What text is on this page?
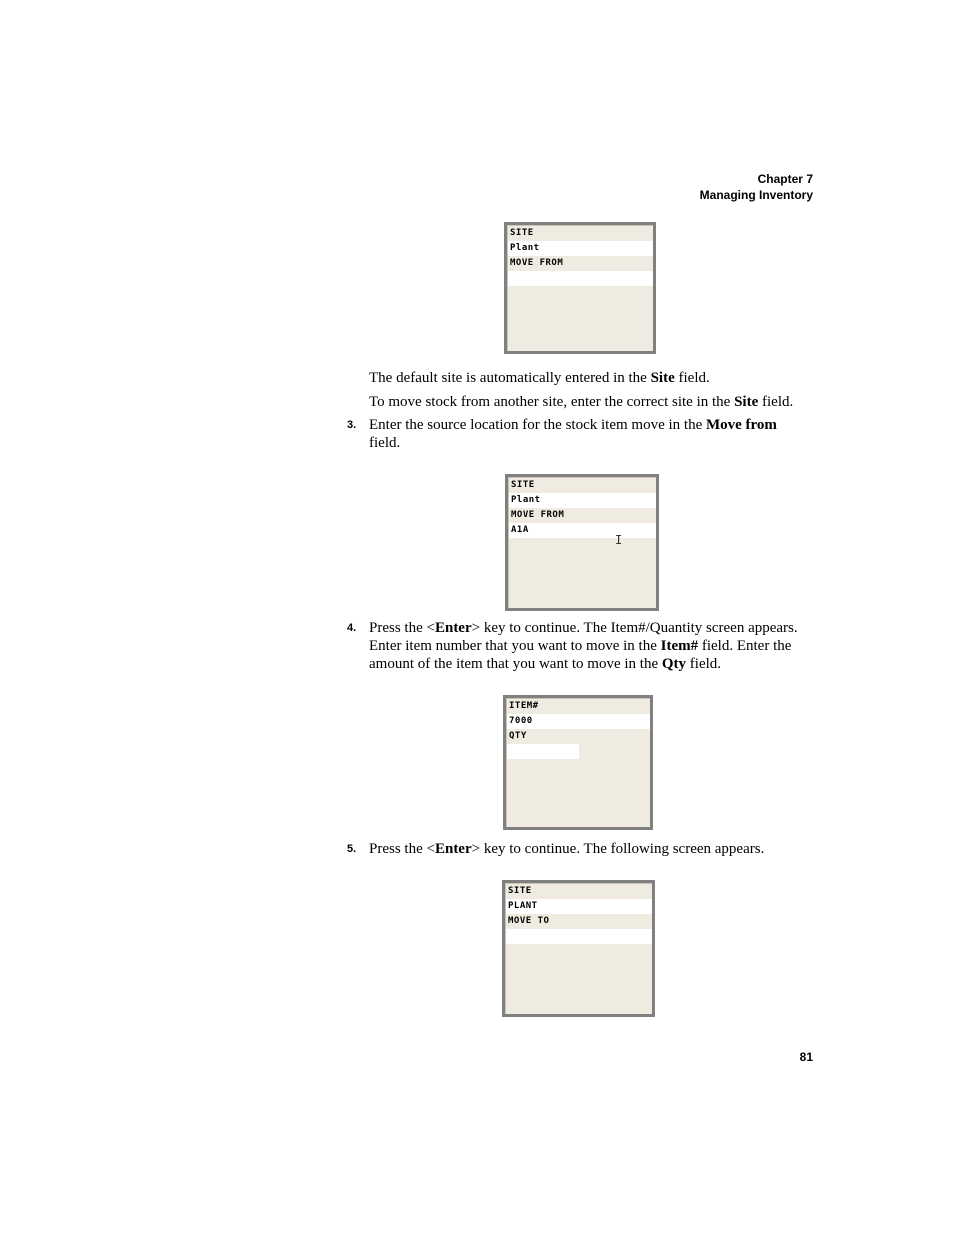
Chapter 7
Managing Inventory
SITE
Plant
MOVE FROM
The default site is automatically entered in the Site field.
To move stock from another site, enter the correct site in the Site field.
3. Enter the source location for the stock item move in the Move from field.
SITE
Plant
MOVE FROM
A1A
I
4. Press the <Enter> key to continue. The Item#/Quantity screen appears. Enter item number that you want to move in the Item# field. Enter the amount of the item that you want to move in the Qty field.
ITEM#
7000
QTY
5. Press the <Enter> key to continue. The following screen appears.
SITE
PLANT
MOVE TO
81
